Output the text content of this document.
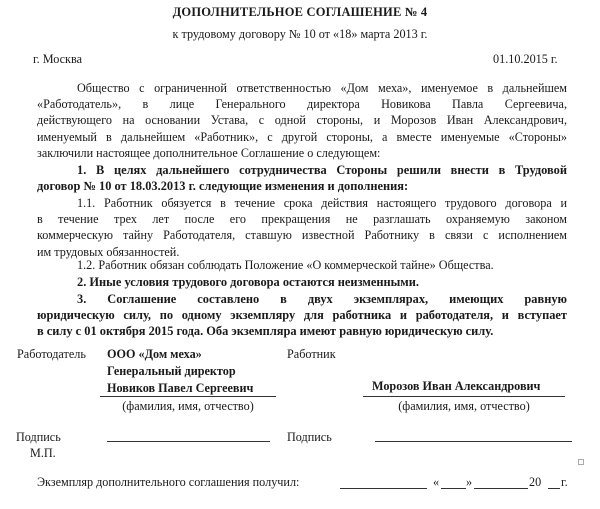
ДОПОЛНИТЕЛЬНОЕ СОГЛАШЕНИЕ № 4
к трудовому договору № 10 от «18» марта 2013 г.
г. Москва	01.10.2015 г.
Общество с ограниченной ответственностью «Дом меха», именуемое в дальнейшем
«Работодатель», в лице Генерального директора Новикова Павла Сергеевича,
действующего на основании Устава, с одной стороны, и Морозов Иван Александрович,
именуемый в дальнейшем «Работник», с другой стороны, а вместе именуемые «Стороны»
заключили настоящее дополнительное Соглашение о следующем:
1. В целях дальнейшего сотрудничества Стороны решили внести в Трудовой
договор № 10 от 18.03.2013 г. следующие изменения и дополнения:
1.1. Работник обязуется в течение срока действия настоящего трудового договора и
в течение трех лет после его прекращения не разглашать охраняемую законом
коммерческую тайну Работодателя, ставшую известной Работнику в связи с исполнением
им трудовых обязанностей.
1.2. Работник обязан соблюдать Положение «О коммерческой тайне» Общества.
2. Иные условия трудового договора остаются неизменными.
3. Соглашение составлено в двух экземплярах, имеющих равную
юридическую силу, по одному экземпляру для работника и работодателя, и вступает
в силу с 01 октября 2015 года. Оба экземпляра имеют равную юридическую силу.
Работодатель ООО «Дом меха»
Генеральный директор
Новиков Павел Сергеевич
(фамилия, имя, отчество)
Работник
Морозов Иван Александрович
(фамилия, имя, отчество)
Подпись
М.П.
Подпись
Экземпляр дополнительного соглашения получил:	« »	20 г.
